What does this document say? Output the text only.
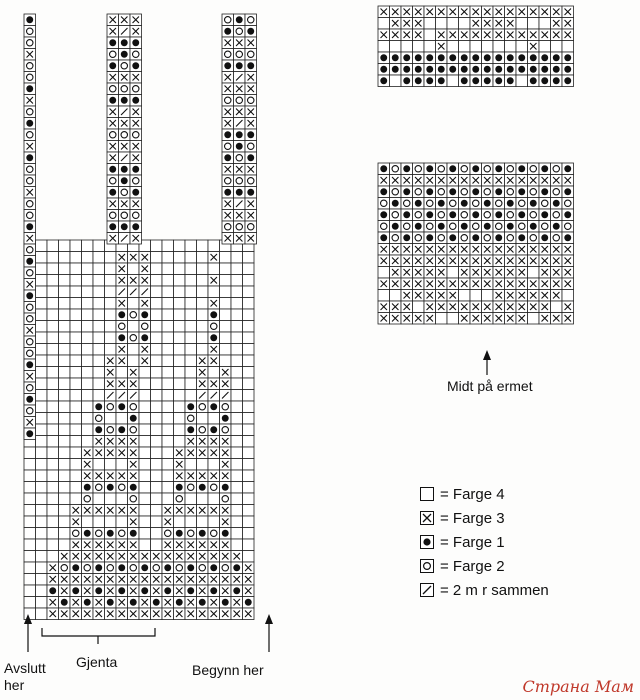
Avslutt
her
Gjenta	Begynn her
Midt på ermet
= Farge 4
= Farge 3
= Farge 1
= Farge 2
= 2 m r sammen
Страна Мам
